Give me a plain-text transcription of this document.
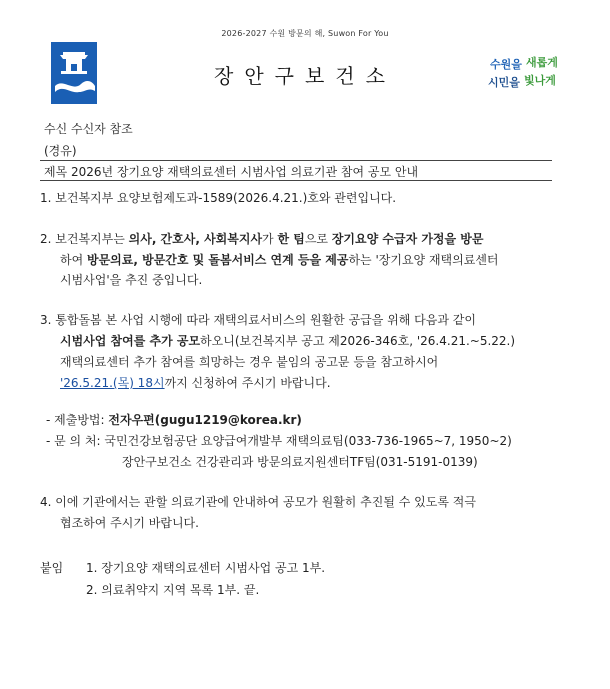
2026-2027 수원 방문의 해, Suwon For You
장안구보건소	수원을 새롭게
시민을 빛나게
수신 수신자 참조
(경유)
제목 2026년 장기요양 재택의료센터 시범사업 의료기관 참여 공모 안내
1. 보건복지부 요양보험제도과-1589(2026.4.21.)호와 관련입니다.
2. 보건복지부는 의사, 간호사, 사회복지사가 한 팀으로 장기요양 수급자 가정을 방문
하여 방문의료, 방문간호 및 돌봄서비스 연계 등을 제공하는 '장기요양 재택의료센터
시범사업'을 추진 중입니다.
3. 통합돌봄 본 사업 시행에 따라 재택의료서비스의 원활한 공급을 위해 다음과 같이
시범사업 참여를 추가 공모하오니(보건복지부 공고 제2026-346호, '26.4.21.~5.22.)
재택의료센터 추가 참여를 희망하는 경우 붙임의 공고문 등을 참고하시어
'26.5.21.(목) 18시까지 신청하여 주시기 바랍니다.
- 제출방법: 전자우편(gugu1219@korea.kr)
- 문 의 처: 국민건강보험공단 요양급여개발부 재택의료팀(033-736-1965~7, 1950~2)
장안구보건소 건강관리과 방문의료지원센터TF팀(031-5191-0139)
4. 이에 기관에서는 관할 의료기관에 안내하여 공모가 원활히 추진될 수 있도록 적극
협조하여 주시기 바랍니다.
붙임 1. 장기요양 재택의료센터 시범사업 공고 1부.
2. 의료취약지 지역 목록 1부. 끝.
